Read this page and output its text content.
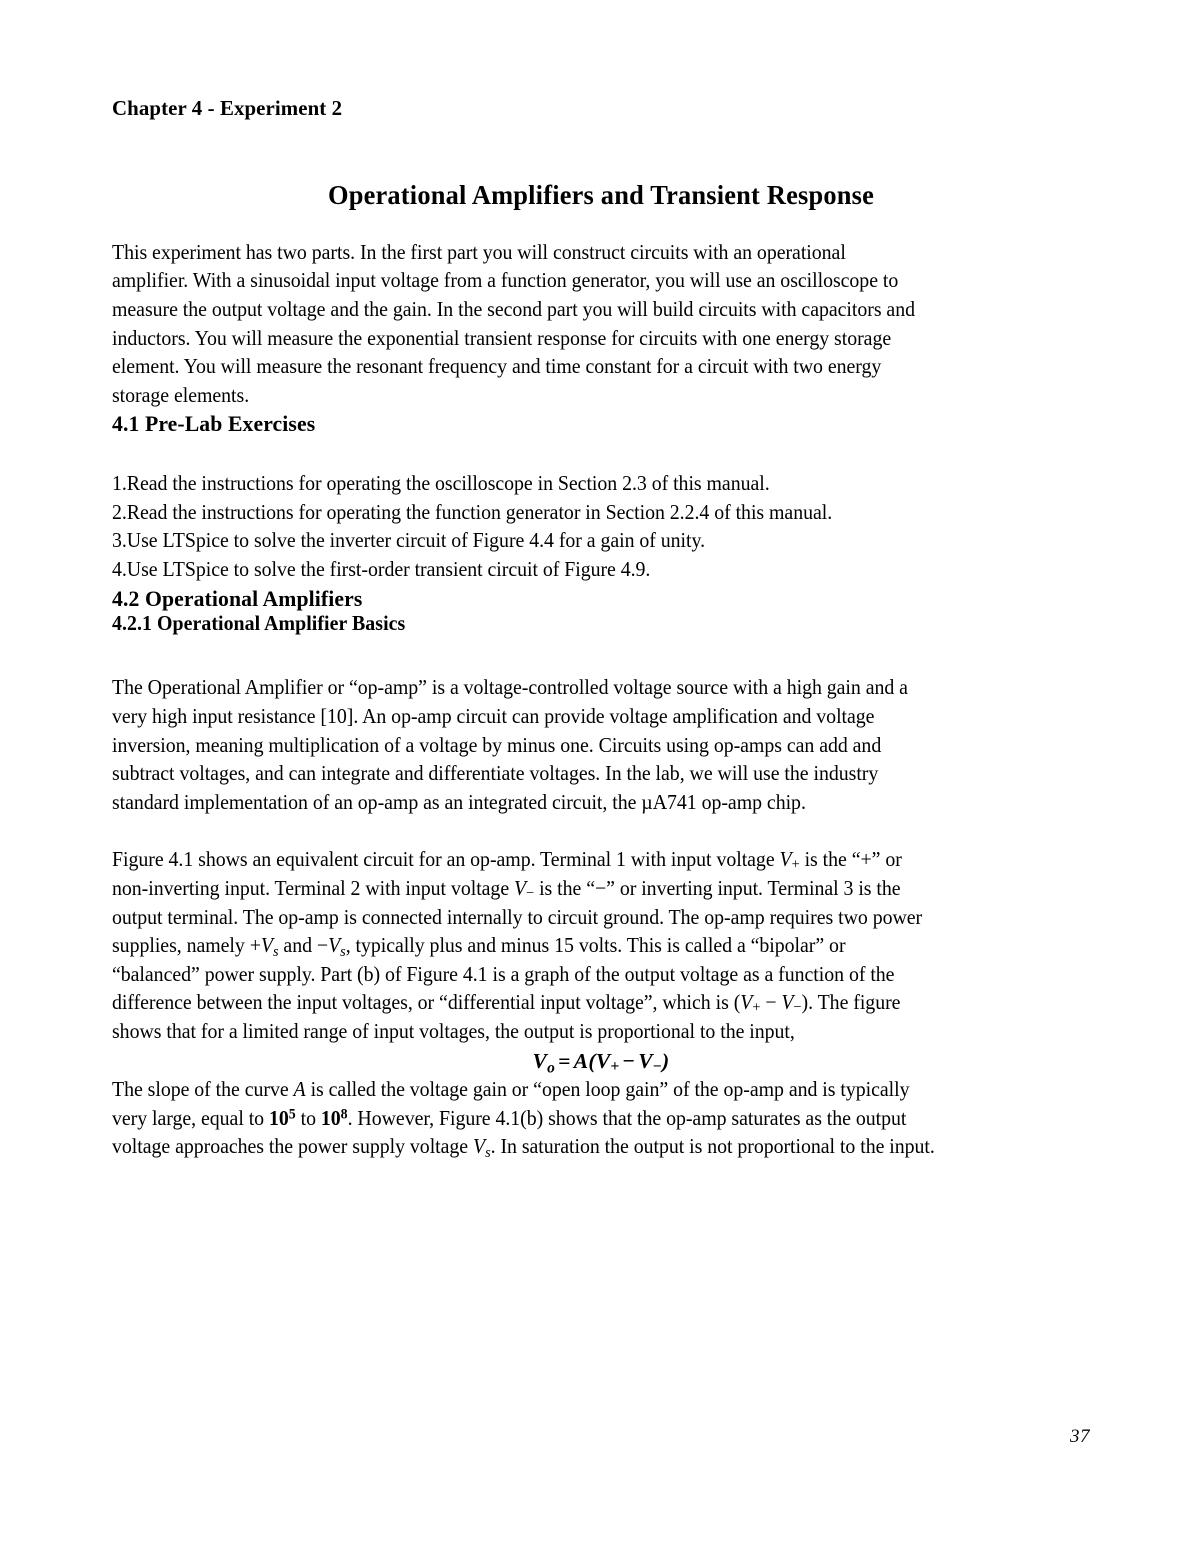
Chapter 4 - Experiment 2
Operational Amplifiers and Transient Response

This experiment has two parts. In the first part you will construct circuits with an operational

amplifier. With a sinusoidal input voltage from a function generator, you will use an oscilloscope to

measure the output voltage and the gain. In the second part you will build circuits with capacitors and

inductors. You will measure the exponential transient response for circuits with one energy storage

element. You will measure the resonant frequency and time constant for a circuit with two energy

storage elements.

4.1 Pre-Lab Exercises

1.Read the instructions for operating the oscilloscope in Section 2.3 of this manual.

2.Read the instructions for operating the function generator in Section 2.2.4 of this manual.

3.Use LTSpice to solve the inverter circuit of Figure 4.4 for a gain of unity.

4.Use LTSpice to solve the first-order transient circuit of Figure 4.9.

4.2 Operational Amplifiers
4.2.1 Operational Amplifier Basics

The Operational Amplifier or “op-amp” is a voltage-controlled voltage source with a high gain and a

very high input resistance [10]. An op-amp circuit can provide voltage amplification and voltage

inversion, meaning multiplication of a voltage by minus one. Circuits using op-amps can add and

subtract voltages, and can integrate and differentiate voltages. In the lab, we will use the industry

standard implementation of an op-amp as an integrated circuit, the µA741 op-amp chip.

Figure 4.1 shows an equivalent circuit for an op-amp. Terminal 1 with input voltage $V_+$ is the “+” or

non-inverting input. Terminal 2 with input voltage $V_-$ is the “−” or inverting input. Terminal 3 is the

output terminal. The op-amp is connected internally to circuit ground. The op-amp requires two power

supplies, namely $+V_s$ and $-V_s$, typically plus and minus 15 volts. This is called a “bipolar” or

“balanced” power supply. Part (b) of Figure 4.1 is a graph of the output voltage as a function of the

difference between the input voltages, or “differential input voltage”, which is $(V_+ - V_-)$. The figure

shows that for a limited range of input voltages, the output is proportional to the input,

$V_o = A(V_+ - V_-)$

The slope of the curve A is called the voltage gain or “open loop gain” of the op-amp and is typically

very large, equal to $10^5$ to $10^8$. However, Figure 4.1(b) shows that the op-amp saturates as the output

voltage approaches the power supply voltage $V_s$. In saturation the output is not proportional to the input.

37
